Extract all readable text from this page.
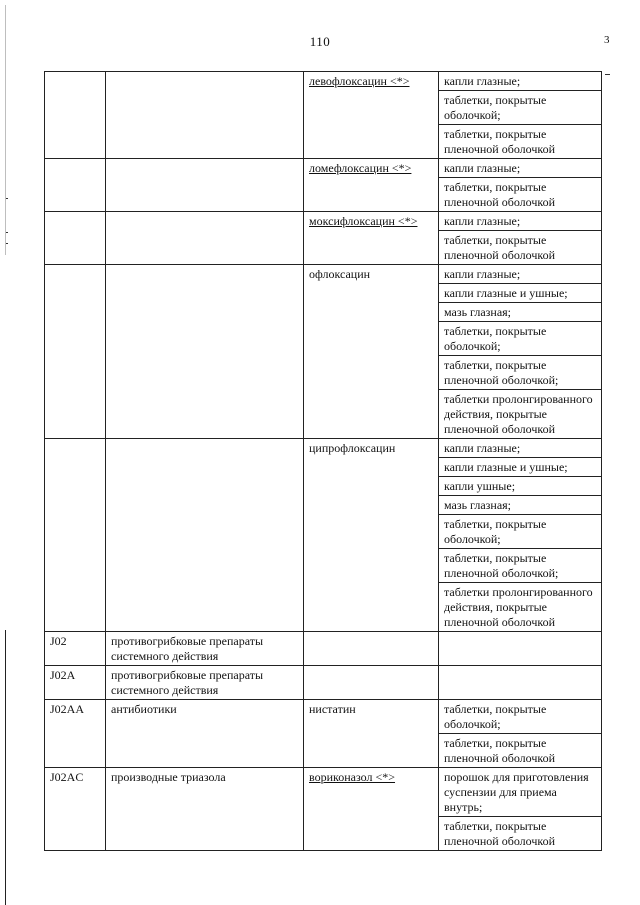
110	3
		левофлоксацин <*>	капли глазные;
			таблетки, покрытые оболочкой;
			таблетки, покрытые пленочной оболочкой
		ломефлоксацин <*>	капли глазные;
			таблетки, покрытые пленочной оболочкой
		моксифлоксацин <*>	капли глазные;
			таблетки, покрытые пленочной оболочкой
		офлоксацин	капли глазные;
			капли глазные и ушные;
			мазь глазная;
			таблетки, покрытые оболочкой;
			таблетки, покрытые пленочной оболочкой;
			таблетки пролонгированного действия, покрытые пленочной оболочкой
		ципрофлоксацин	капли глазные;
			капли глазные и ушные;
			капли ушные;
			мазь глазная;
			таблетки, покрытые оболочкой;
			таблетки, покрытые пленочной оболочкой;
			таблетки пролонгированного действия, покрытые пленочной оболочкой
J02	противогрибковые препараты системного действия		
J02A	противогрибковые препараты системного действия		
J02AA	антибиотики	нистатин	таблетки, покрытые оболочкой;
			таблетки, покрытые пленочной оболочкой
J02AC	производные триазола	вориконазол <*>	порошок для приготовления суспензии для приема внутрь;
			таблетки, покрытые пленочной оболочкой
